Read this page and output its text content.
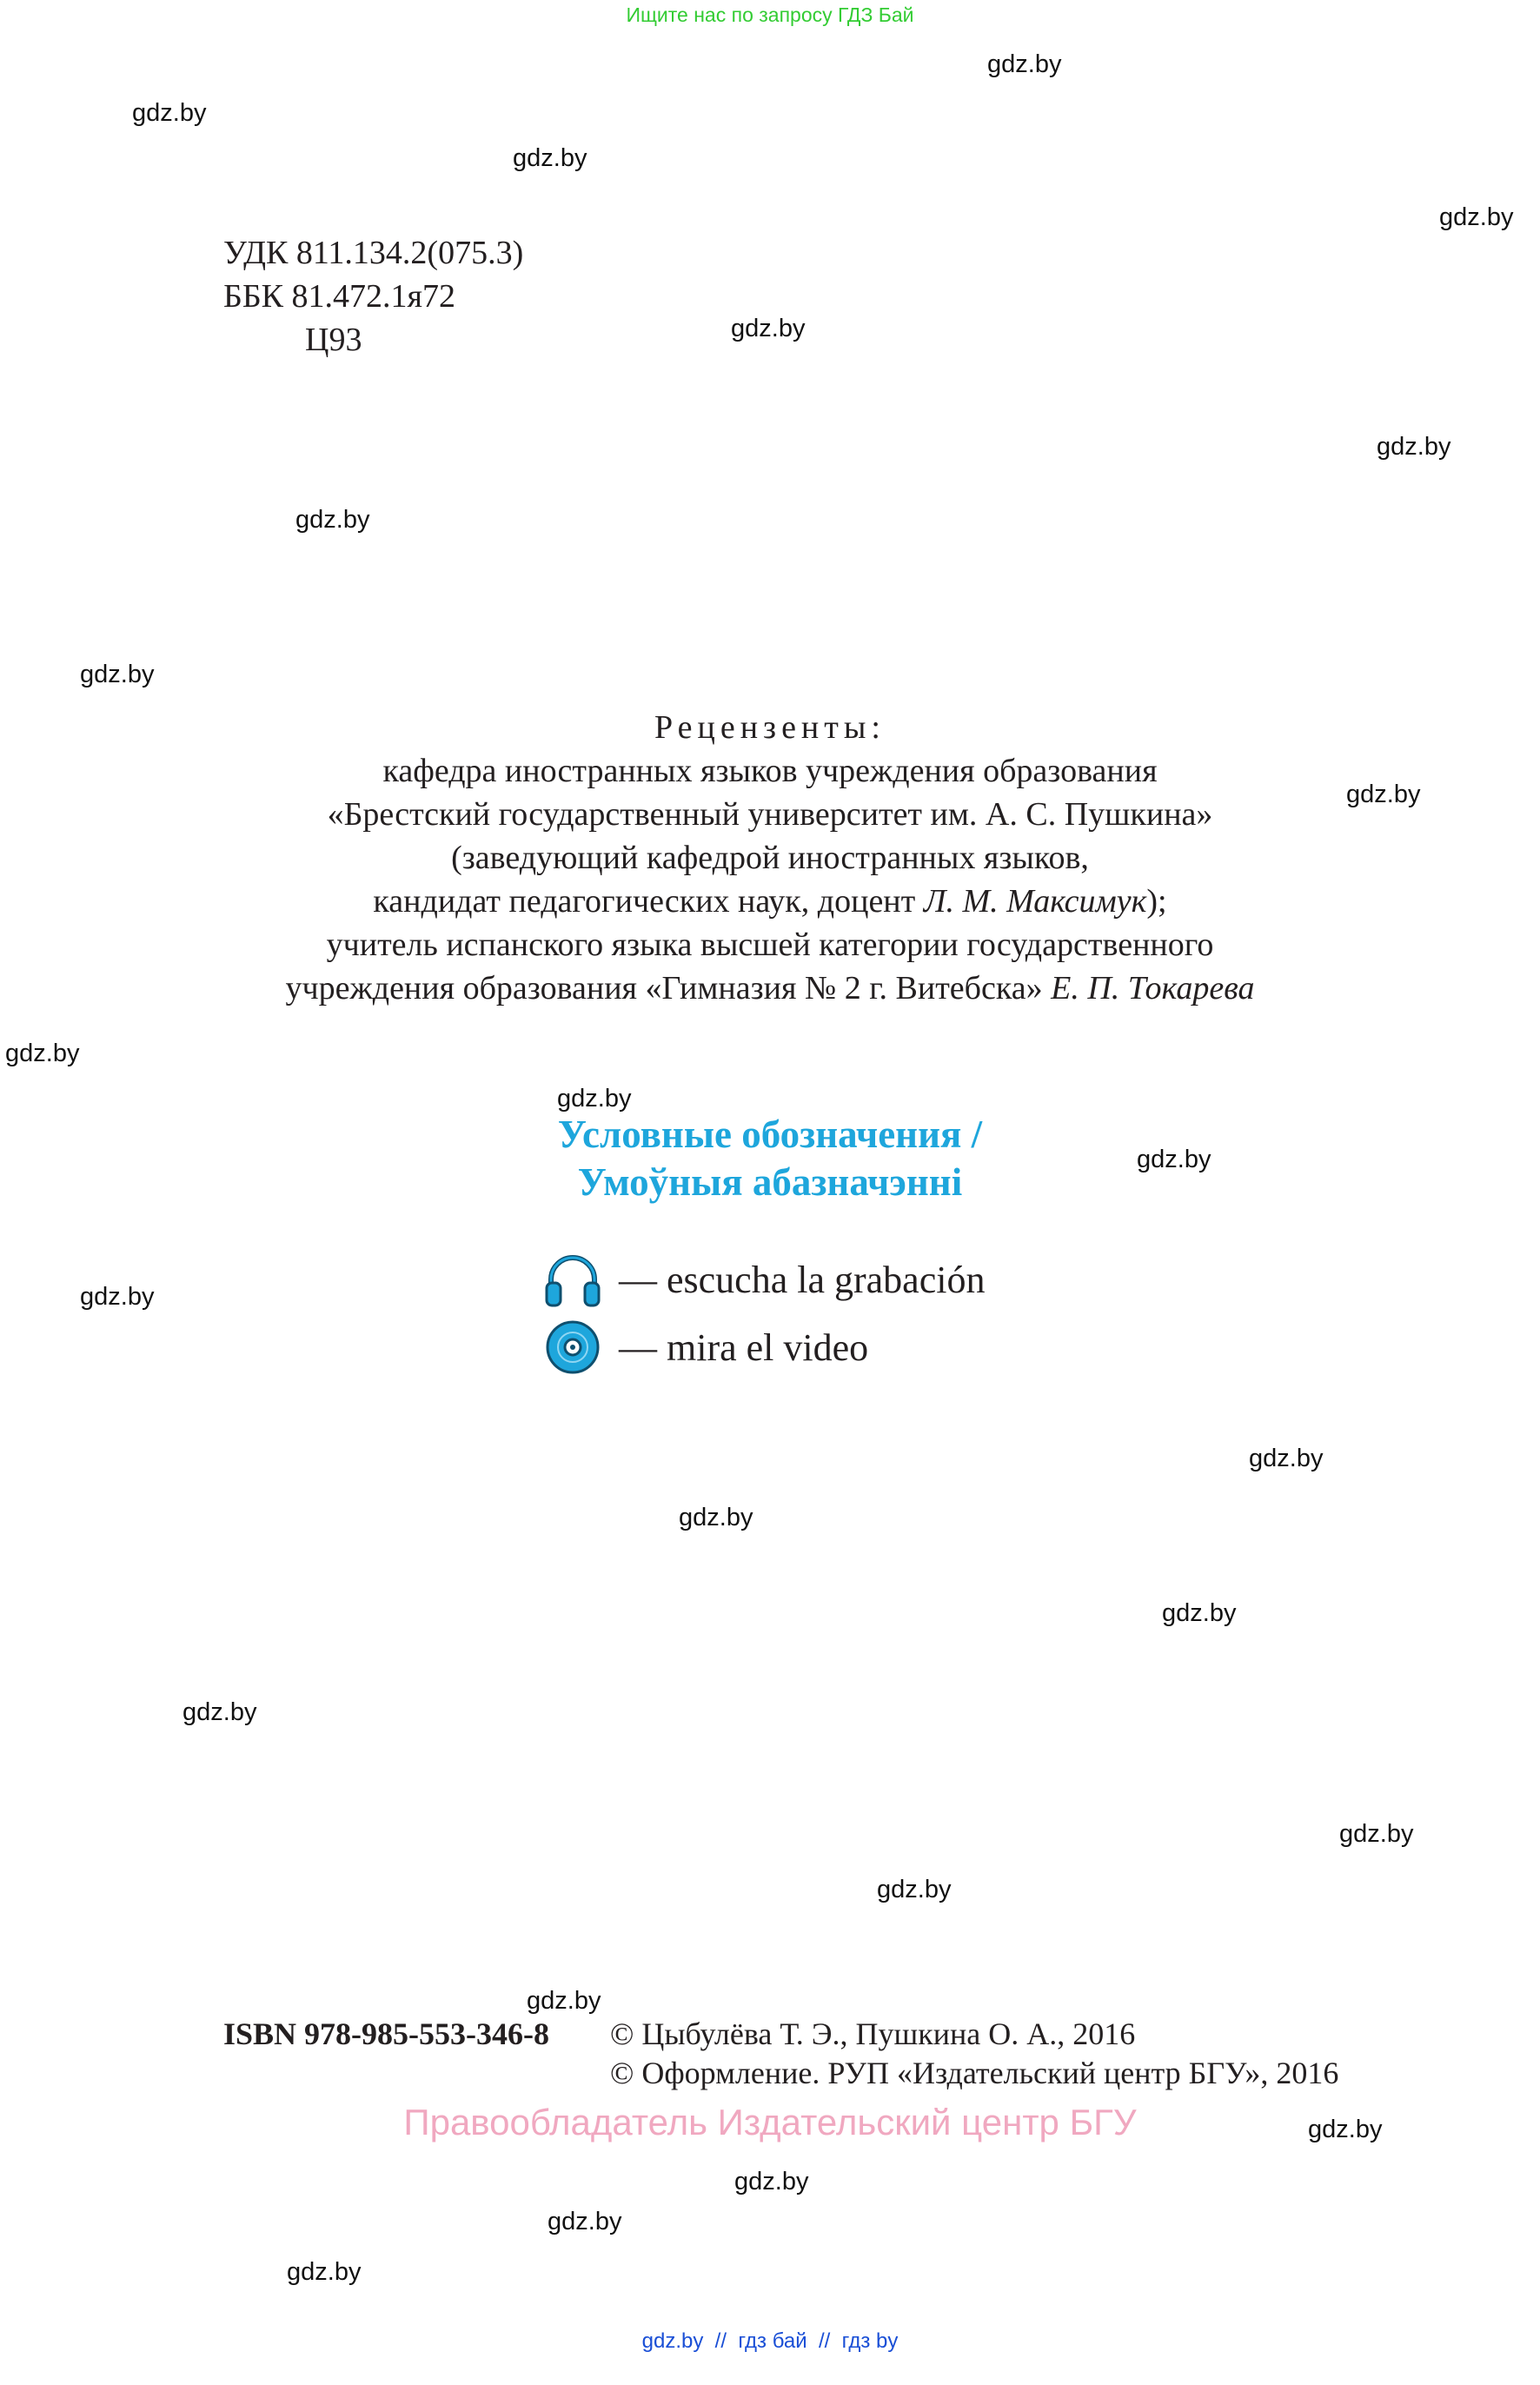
Ищите нас по запросу ГДЗ Бай
gdz.by
gdz.by
gdz.by
gdz.by
gdz.by
gdz.by
gdz.by
gdz.by
gdz.by
gdz.by
gdz.by
gdz.by
gdz.by
gdz.by
gdz.by
gdz.by
gdz.by
gdz.by
gdz.by
gdz.by
gdz.by
gdz.by
gdz.by
gdz.by
УДК 811.134.2(075.3)
ББК 81.472.1я72
Ц93
Рецензенты:
кафедра иностранных языков учреждения образования
«Брестский государственный университет им. А. С. Пушкина»
(заведующий кафедрой иностранных языков,
кандидат педагогических наук, доцент Л. М. Максимук);
учитель испанского языка высшей категории государственного
учреждения образования «Гимназия № 2 г. Витебска» Е. П. Токарева
Условные обозначения /
Умоўныя абазначэнні
— escucha la grabación
— mira el video
ISBN 978-985-553-346-8 © Цыбулёва Т. Э., Пушкина О. А., 2016
© Оформление. РУП «Издательский центр БГУ», 2016
Правообладатель Издательский центр БГУ
gdz.by  //  гдз бай  //  гдз by
